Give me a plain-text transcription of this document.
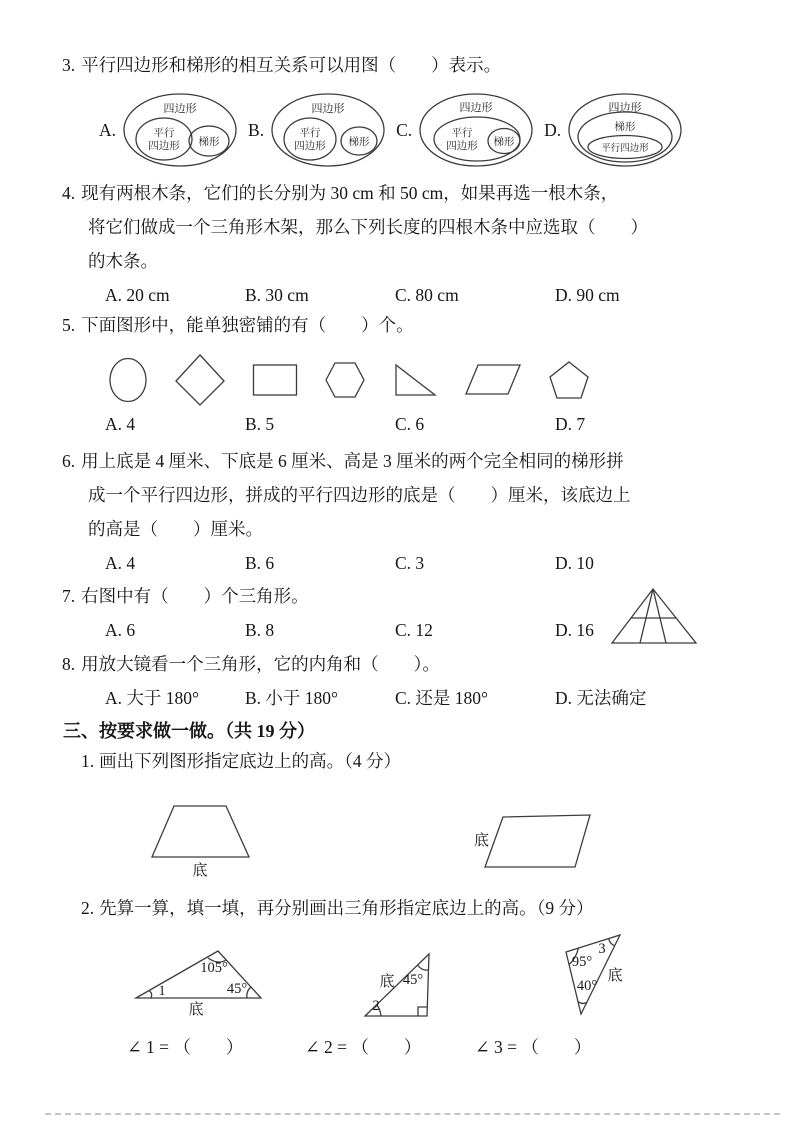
3. 平行四边形和梯形的相互关系可以用图（　　）表示。
A.
四边形
平行
四边形 梯形
B.
四边形
平行
四边形 梯形
C.
四边形
平行
四边形 梯形
D.
四边形
梯形
平行四边形
4. 现有两根木条，它们的长分别为 30 cm 和 50 cm，如果再选一根木条，
将它们做成一个三角形木架，那么下列长度的四根木条中应选取（　　）
的木条。
A. 20 cm	B. 30 cm	C. 80 cm	D. 90 cm
5. 下面图形中，能单独密铺的有（　　）个。
A. 4	B. 5	C. 6	D. 7
6. 用上底是 4 厘米、下底是 6 厘米、高是 3 厘米的两个完全相同的梯形拼
成一个平行四边形，拼成的平行四边形的底是（　　）厘米，该底边上
的高是（　　）厘米。
A. 4	B. 6	C. 3	D. 10
7. 右图中有（　　）个三角形。
A. 6	B. 8	C. 12	D. 16
8. 用放大镜看一个三角形，它的内角和（　　）。
A. 大于 180°	B. 小于 180°	C. 还是 180°	D. 无法确定
三、按要求做一做。（共 19 分）
1. 画出下列图形指定底边上的高。（4 分）
底
底
2. 先算一算，填一填，再分别画出三角形指定底边上的高。（9 分）
1
105°
45°
底	2
45°
底
95°
3
40°
底
∠ 1 = （　　）	∠ 2 = （　　）	∠ 3 = （　　）
